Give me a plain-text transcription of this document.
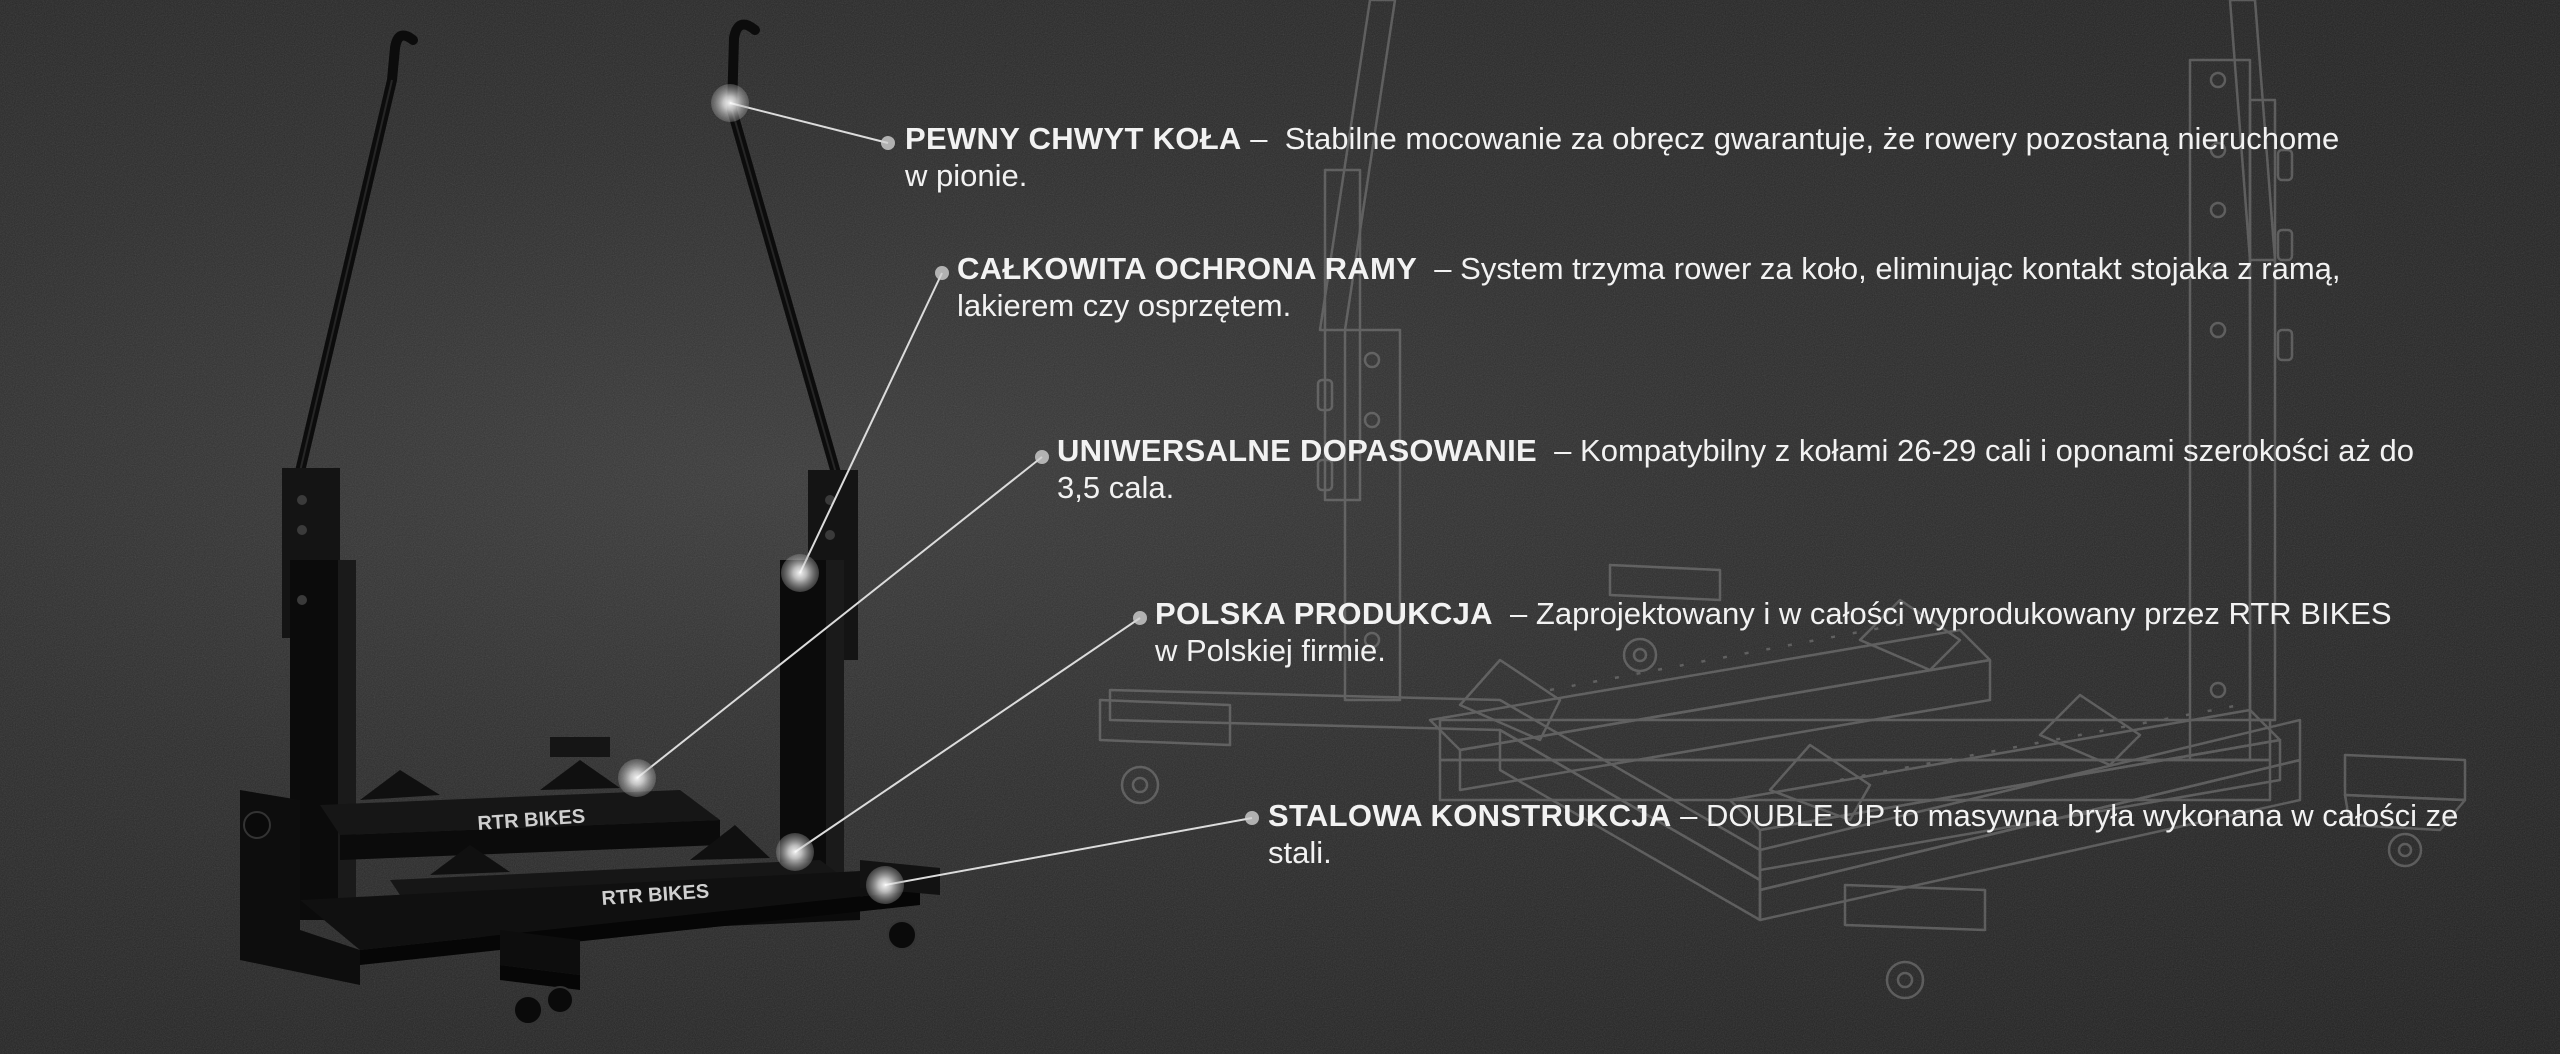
RTR BIKES
RTR BIKES

PEWNY CHWYT KOŁA –  Stabilne mocowanie za obręcz gwarantuje, że rowery pozostaną nieruchome w pionie.

CAŁKOWITA OCHRONA RAMY  – System trzyma rower za koło, eliminując kontakt stojaka z ramą, lakierem czy osprzętem.

UNIWERSALNE DOPASOWANIE  – Kompatybilny z kołami 26-29 cali i oponami szerokości aż do 3,5 cala.

POLSKA PRODUKCJA  – Zaprojektowany i w całości wyprodukowany przez RTR BIKES w Polskiej firmie.

STALOWA KONSTRUKCJA – DOUBLE UP to masywna bryła wykonana w całości ze stali.
